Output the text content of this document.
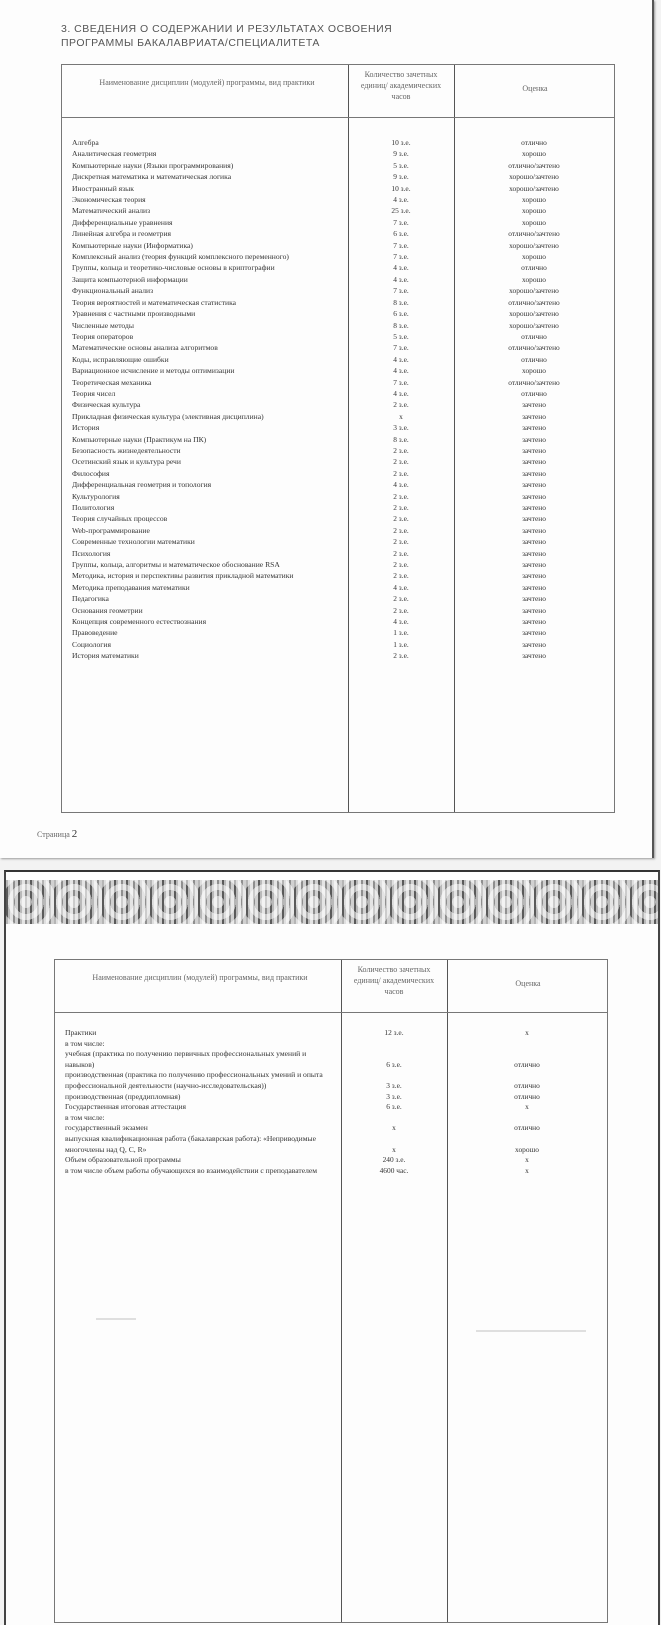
3. СВЕДЕНИЯ О СОДЕРЖАНИИ И РЕЗУЛЬТАТАХ ОСВОЕНИЯ
ПРОГРАММЫ БАКАЛАВРИАТА/СПЕЦИАЛИТЕТА
Наименование дисциплин (модулей) программы, вид практики
Количество зачетных единиц/ академических часов
Оценка
Алгебра	10 з.е.	отлично
Аналитическая геометрия	9 з.е.	хорошо
Компьютерные науки (Языки программирования)	5 з.е.	отлично/зачтено
Дискретная математика и математическая логика	9 з.е.	хорошо/зачтено
Иностранный язык	10 з.е.	хорошо/зачтено
Экономическая теория	4 з.е.	хорошо
Математический анализ	25 з.е.	хорошо
Дифференциальные уравнения	7 з.е.	хорошо
Линейная алгебра и геометрия	6 з.е.	отлично/зачтено
Компьютерные науки (Информатика)	7 з.е.	хорошо/зачтено
Комплексный анализ (теория функций комплексного переменного)	7 з.е.	хорошо
Группы, кольца и теоретико-числовые основы в криптографии	4 з.е.	отлично
Защита компьютерной информации	4 з.е.	хорошо
Функциональный анализ	7 з.е.	хорошо/зачтено
Теория вероятностей и математическая статистика	8 з.е.	отлично/зачтено
Уравнения с частными производными	6 з.е.	хорошо/зачтено
Численные методы	8 з.е.	хорошо/зачтено
Теория операторов	5 з.е.	отлично
Математические основы анализа алгоритмов	7 з.е.	отлично/зачтено
Коды, исправляющие ошибки	4 з.е.	отлично
Вариационное исчисление и методы оптимизации	4 з.е.	хорошо
Теоретическая механика	7 з.е.	отлично/зачтено
Теория чисел	4 з.е.	отлично
Физическая культура	2 з.е.	зачтено
Прикладная физическая культура (элективная дисциплина)	x	зачтено
История	3 з.е.	зачтено
Компьютерные науки (Практикум на ПК)	8 з.е.	зачтено
Безопасность жизнедеятельности	2 з.е.	зачтено
Осетинский язык и культура речи	2 з.е.	зачтено
Философия	2 з.е.	зачтено
Дифференциальная геометрия и топология	4 з.е.	зачтено
Культурология	2 з.е.	зачтено
Политология	2 з.е.	зачтено
Теория случайных процессов	2 з.е.	зачтено
Web-программирование	2 з.е.	зачтено
Современные технологии математики	2 з.е.	зачтено
Психология	2 з.е.	зачтено
Группы, кольца, алгоритмы и математическое обоснование RSA	2 з.е.	зачтено
Методика, история и перспективы развития прикладной математики	2 з.е.	зачтено
Методика преподавания математики	4 з.е.	зачтено
Педагогика	2 з.е.	зачтено
Основания геометрии	2 з.е.	зачтено
Концепция современного естествознания	4 з.е.	зачтено
Правоведение	1 з.е.	зачтено
Социология	1 з.е.	зачтено
История математики	2 з.е.	зачтено
Страница 2
Наименование дисциплин (модулей) программы, вид практики
Количество зачетных единиц/ академических часов
Оценка
Практики	12 з.е.	x
в том числе:
учебная (практика по получению первичных профессиональных умений и навыков)	6 з.е.	отлично
производственная (практика по получению профессиональных умений и опыта профессиональной деятельности (научно-исследовательская))	3 з.е.	отлично
производственная (преддипломная)	3 з.е.	отлично
Государственная итоговая аттестация	6 з.е.	x
в том числе:
государственный экзамен	x	отлично
выпускная квалификационная работа (бакалаврская работа): «Неприводимые многочлены над Q, C, R»	x	хорошо
Объем образовательной программы	240 з.е.	x
в том числе объем работы обучающихся во взаимодействии с преподавателем	4600 час.	x
